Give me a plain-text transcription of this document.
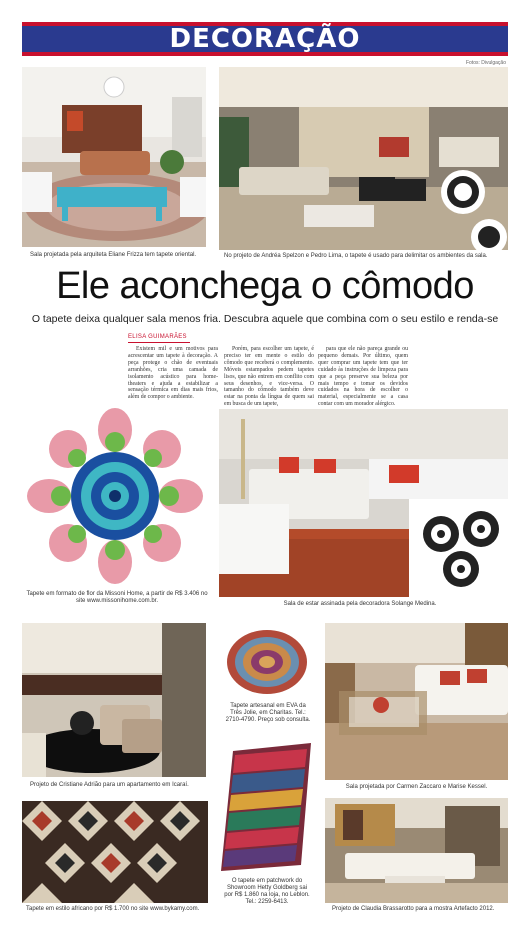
DECORAÇÃO
Fotos: Divulgação
Sala projetada pela arquiteta Eliane Frizza tem tapete oriental.	No projeto de Andréa Spelzon e Pedro Lima, o tapete é usado para delimitar os ambientes da sala.
Ele aconchega o cômodo
O tapete deixa qualquer sala menos fria. Descubra aquele que combina com o seu estilo e renda-se
ELISA GUIMARÃES

Existem mil e um motivos para acrescentar um tapete à decoração. A peça protege o chão de eventuais arranhões, cria uma camada de isolamento acústico para home-theaters e ajuda a estabilizar a sensação térmica em dias mais frios, além de compor o ambiente.

Porém, para escolher um tapete, é preciso ter em mente o estilo do cômodo que receberá o complemento. Móveis estampados pedem tapetes lisos, que não entrem em conflito com seus desenhos, e vice-versa. O tamanho do cômodo também deve estar na ponta da língua de quem sai em busca de um tapete,

para que ele não pareça grande ou pequeno demais. Por último, quem quer comprar um tapete tem que ter cuidado às instruções de limpeza para que a peça preserve sua beleza por mais tempo e tomar os devidos cuidados na hora de escolher o material, especialmente se a casa contar com um morador alérgico.

Tapete em formato de flor da Missoni Home, a partir de R$ 3.406 no site www.missonihome.com.br.	Sala de estar assinada pela decoradora Solange Medina.
Projeto de Cristiane Adrião para um apartamento em Icaraí.
Tapete artesanal em EVA da Três Jolie, em Charitas. Tel.: 2710-4790. Preço sob consulta.
Sala projetada por Carmen Zaccaro e Marise Kessel.
Tapete em estilo africano por R$ 1.700 no site www.bykamy.com.
O tapete em patchwork do Showroom Hetty Goldberg sai por R$ 1.860 na loja, no Leblon. Tel.: 2259-6413.
Projeto de Claudia Brassarotto para a mostra Artefacto 2012.
